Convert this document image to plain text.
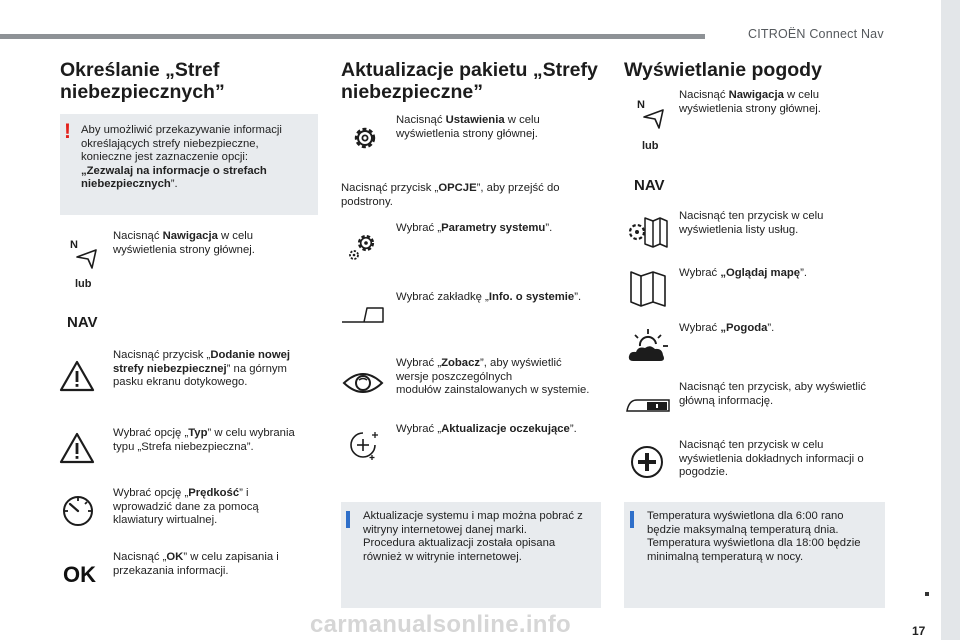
CITROËN Connect Nav
17
carmanualsonline.info
Określanie „Stref
niebezpiecznych”
! Aby umożliwić przekazywanie informacji
określających strefy niebezpieczne,
konieczne jest zaznaczenie opcji:
„Zezwalaj na informacje o strefach
niebezpiecznych”.
N
Nacisnąć Nawigacja w celu
wyświetlenia strony głównej.
lub
NAV
Nacisnąć przycisk „Dodanie nowej
strefy niebezpiecznej” na górnym
pasku ekranu dotykowego.
Wybrać opcję „Typ” w celu wybrania
typu „Strefa niebezpieczna”.
Wybrać opcję „Prędkość” i
wprowadzić dane za pomocą
klawiatury wirtualnej.
OK
Nacisnąć „OK” w celu zapisania i
przekazania informacji.
Aktualizacje pakietu „Strefy
niebezpieczne”
Nacisnąć Ustawienia w celu
wyświetlenia strony głównej.
Nacisnąć przycisk „OPCJE”, aby przejść do
podstrony.
Wybrać „Parametry systemu”.
Wybrać zakładkę „Info. o systemie”.
Wybrać „Zobacz”, aby wyświetlić
wersje poszczególnych
modułów zainstalowanych w systemie.
Wybrać „Aktualizacje oczekujące”.
Aktualizacje systemu i map można pobrać z
witryny internetowej danej marki.
Procedura aktualizacji została opisana
również w witrynie internetowej.
Wyświetlanie pogody
N
Nacisnąć Nawigacja w celu
wyświetlenia strony głównej.
lub
NAV
Nacisnąć ten przycisk w celu
wyświetlenia listy usług.
Wybrać „Oglądaj mapę”.
Wybrać „Pogoda”.
Nacisnąć ten przycisk, aby wyświetlić
główną informację.
Nacisnąć ten przycisk w celu
wyświetlenia dokładnych informacji o
pogodzie.
Temperatura wyświetlona dla 6:00 rano
będzie maksymalną temperaturą dnia.
Temperatura wyświetlona dla 18:00 będzie
minimalną temperaturą w nocy.
